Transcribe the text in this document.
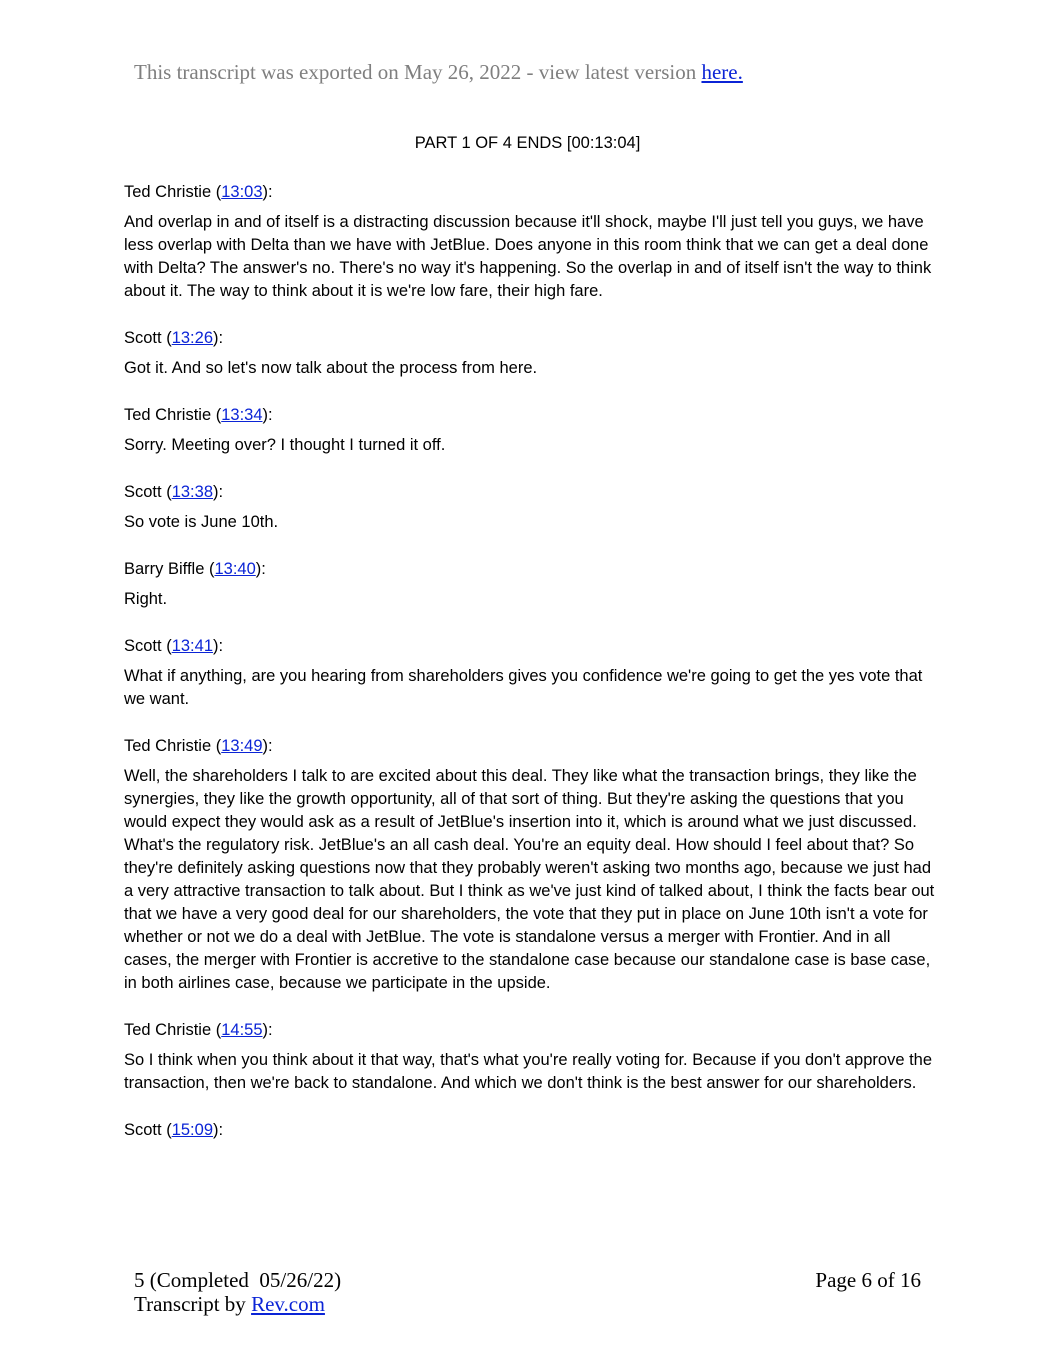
This transcript was exported on May 26, 2022 - view latest version here.
PART 1 OF 4 ENDS [00:13:04]

Ted Christie (13:03):

And overlap in and of itself is a distracting discussion because it'll shock, maybe I'll just tell you guys, we have less overlap with Delta than we have with JetBlue. Does anyone in this room think that we can get a deal done with Delta? The answer's no. There's no way it's happening. So the overlap in and of itself isn't the way to think about it. The way to think about it is we're low fare, their high fare.

Scott (13:26):

Got it. And so let's now talk about the process from here.

Ted Christie (13:34):

Sorry. Meeting over? I thought I turned it off.

Scott (13:38):

So vote is June 10th.

Barry Biffle (13:40):

Right.

Scott (13:41):

What if anything, are you hearing from shareholders gives you confidence we're going to get the yes vote that we want.

Ted Christie (13:49):

Well, the shareholders I talk to are excited about this deal. They like what the transaction brings, they like the synergies, they like the growth opportunity, all of that sort of thing. But they're asking the questions that you would expect they would ask as a result of JetBlue's insertion into it, which is around what we just discussed. What's the regulatory risk. JetBlue's an all cash deal. You're an equity deal. How should I feel about that? So they're definitely asking questions now that they probably weren't asking two months ago, because we just had a very attractive transaction to talk about. But I think as we've just kind of talked about, I think the facts bear out that we have a very good deal for our shareholders, the vote that they put in place on June 10th isn't a vote for whether or not we do a deal with JetBlue. The vote is standalone versus a merger with Frontier. And in all cases, the merger with Frontier is accretive to the standalone case because our standalone case is base case, in both airlines case, because we participate in the upside.

Ted Christie (14:55):

So I think when you think about it that way, that's what you're really voting for. Because if you don't approve the transaction, then we're back to standalone. And which we don't think is the best answer for our shareholders.

Scott (15:09):

5 (Completed  05/26/22)
Transcript by Rev.com
Page 6 of 16
